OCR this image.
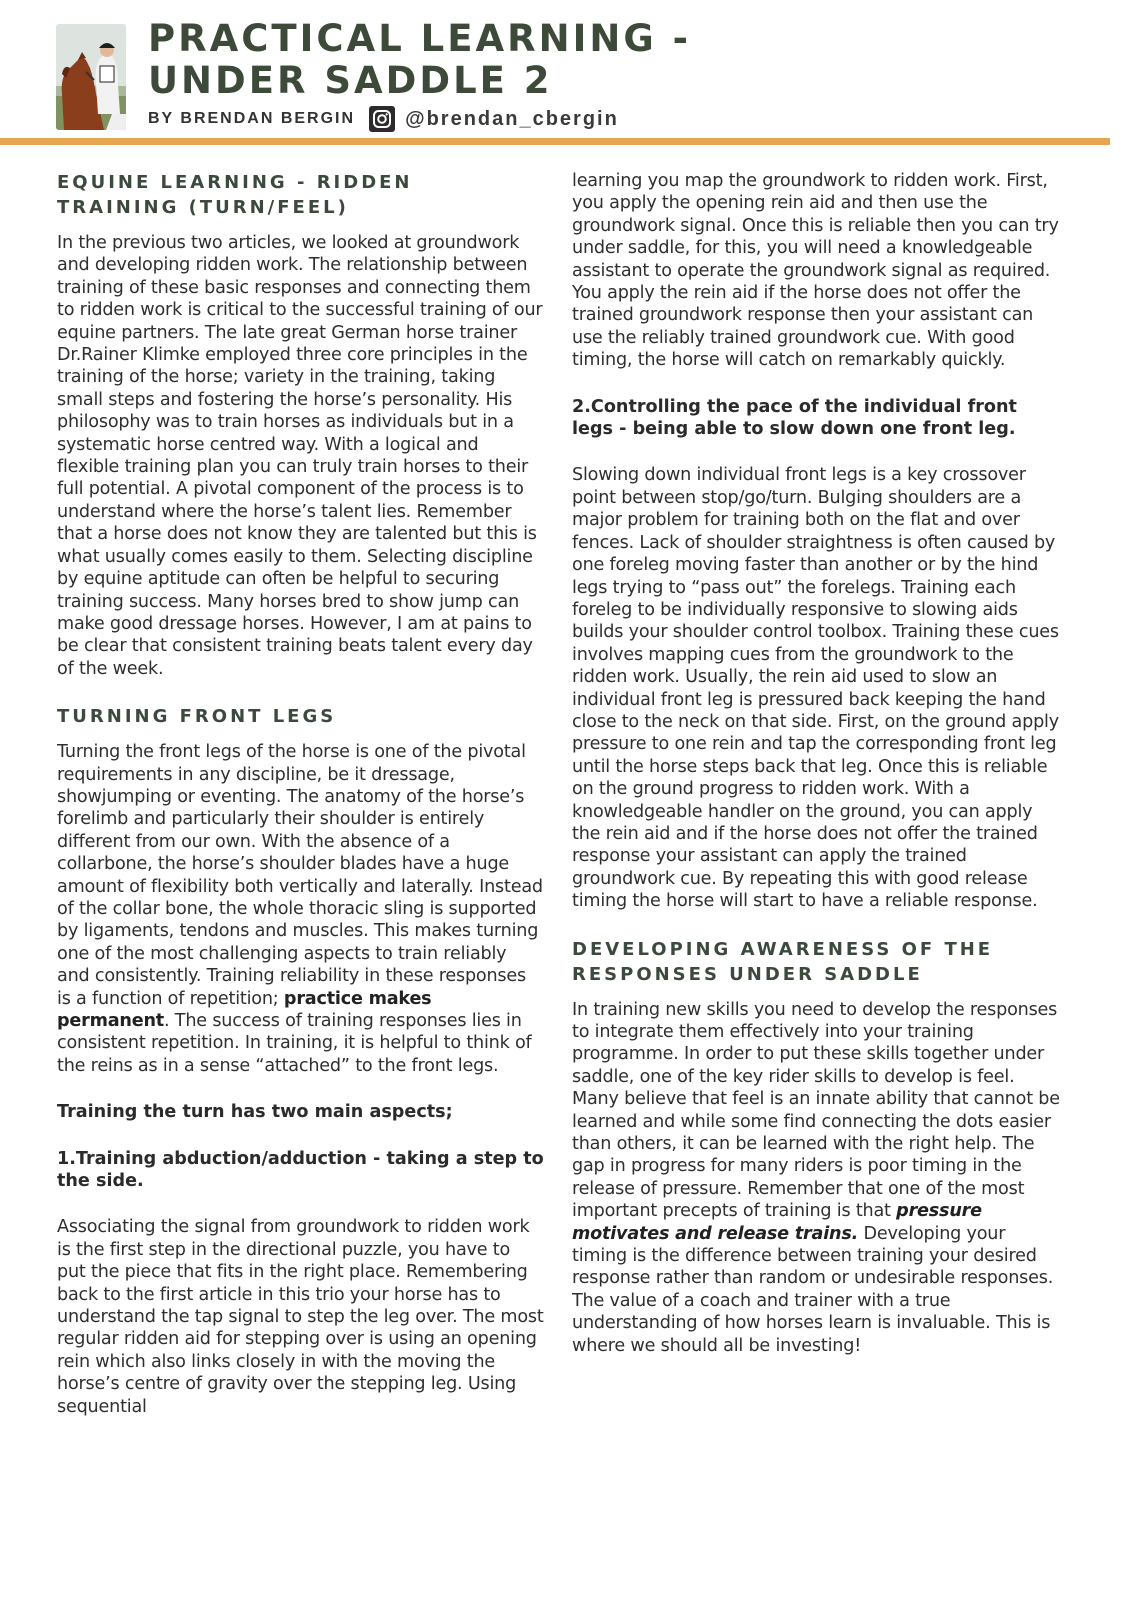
PRACTICAL LEARNING -
UNDER SADDLE 2
BY BRENDAN BERGIN	@brendan_cbergin
EQUINE LEARNING - RIDDEN TRAINING (TURN/FEEL)

In the previous two articles, we looked at groundwork and developing ridden work. The relationship between training of these basic responses and connecting them to ridden work is critical to the successful training of our equine partners. The late great German horse trainer Dr.Rainer Klimke employed three core principles in the training of the horse; variety in the training, taking small steps and fostering the horse’s personality. His philosophy was to train horses as individuals but in a systematic horse centred way. With a logical and flexible training plan you can truly train horses to their full potential. A pivotal component of the process is to understand where the horse’s talent lies. Remember that a horse does not know they are talented but this is what usually comes easily to them. Selecting discipline by equine aptitude can often be helpful to securing training success. Many horses bred to show jump can make good dressage horses. However, I am at pains to be clear that consistent training beats talent every day of the week.

TURNING FRONT LEGS

Turning the front legs of the horse is one of the pivotal requirements in any discipline, be it dressage, showjumping or eventing. The anatomy of the horse’s forelimb and particularly their shoulder is entirely different from our own. With the absence of a collarbone, the horse’s shoulder blades have a huge amount of flexibility both vertically and laterally. Instead of the collar bone, the whole thoracic sling is supported by ligaments, tendons and muscles. This makes turning one of the most challenging aspects to train reliably and consistently. Training reliability in these responses is a function of repetition; practice makes permanent. The success of training responses lies in consistent repetition. In training, it is helpful to think of the reins as in a sense “attached” to the front legs.

Training the turn has two main aspects;
1.Training abduction/adduction - taking a step to the side.

Associating the signal from groundwork to ridden work is the first step in the directional puzzle, you have to put the piece that fits in the right place. Remembering back to the first article in this trio your horse has to understand the tap signal to step the leg over. The most regular ridden aid for stepping over is using an opening rein which also links closely in with the moving the horse’s centre of gravity over the stepping leg. Using sequential

learning you map the groundwork to ridden work. First, you apply the opening rein aid and then use the groundwork signal. Once this is reliable then you can try under saddle, for this, you will need a knowledgeable assistant to operate the groundwork signal as required. You apply the rein aid if the horse does not offer the trained groundwork response then your assistant can use the reliably trained groundwork cue. With good timing, the horse will catch on remarkably quickly.

2.Controlling the pace of the individual front legs - being able to slow down one front leg.

Slowing down individual front legs is a key crossover point between stop/go/turn. Bulging shoulders are a major problem for training both on the flat and over fences. Lack of shoulder straightness is often caused by one foreleg moving faster than another or by the hind legs trying to “pass out” the forelegs. Training each foreleg to be individually responsive to slowing aids builds your shoulder control toolbox. Training these cues involves mapping cues from the groundwork to the ridden work. Usually, the rein aid used to slow an individual front leg is pressured back keeping the hand close to the neck on that side. First, on the ground apply pressure to one rein and tap the corresponding front leg until the horse steps back that leg. Once this is reliable on the ground progress to ridden work. With a knowledgeable handler on the ground, you can apply the rein aid and if the horse does not offer the trained response your assistant can apply the trained groundwork cue. By repeating this with good release timing the horse will start to have a reliable response.

DEVELOPING AWARENESS OF THE RESPONSES UNDER SADDLE

In training new skills you need to develop the responses to integrate them effectively into your training programme. In order to put these skills together under saddle, one of the key rider skills to develop is feel. Many believe that feel is an innate ability that cannot be learned and while some find connecting the dots easier than others, it can be learned with the right help. The gap in progress for many riders is poor timing in the release of pressure. Remember that one of the most important precepts of training is that pressure motivates and release trains. Developing your timing is the difference between training your desired response rather than random or undesirable responses. The value of a coach and trainer with a true understanding of how horses learn is invaluable. This is where we should all be investing!
